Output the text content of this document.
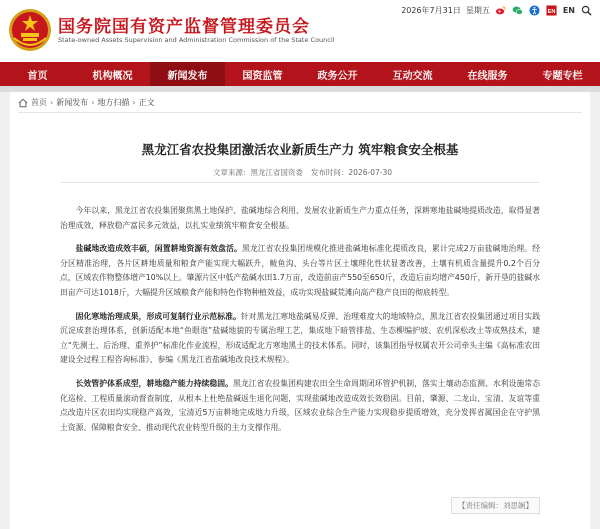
国务院国有资产监督管理委员会
State-owned Assets Supervision and Administration Commission of the State Council
2026年7月31日 星期五	EN EN
首页	机构概况	新闻发布	国资监管	政务公开	互动交流	在线服务	专题专栏
首页 › 新闻发布 › 地方扫描 › 正文
黑龙江省农投集团激活农业新质生产力 筑牢粮食安全根基
文章来源：黑龙江省国资委 发布时间：2026-07-30

今年以来，黑龙江省农投集团聚焦黑土地保护、盐碱地综合利用、发展农业新质生产力重点任务，深耕寒地盐碱地提质改造，取得显著治理成效，释放稳产富民多元效益，以扎实业绩筑牢粮食安全根基。

盐碱地改造成效丰硕，闲置耕地资源有效盘活。黑龙江省农投集团规模化推进盐碱地标准化提质改良，累计完成2万亩盐碱地治理。经分区精准治理，各片区耕地质量和粮食产能实现大幅跃升，鲅鱼沟、头台等片区土壤理化性状显著改善，土壤有机质含量提升0.2个百分点，区域农作物整体增产10%以上。肇源片区中低产盐碱水田1.7万亩，改造前亩产550至650斤，改造后亩均增产450斤，新开垦的盐碱水田亩产可达1018斤，大幅提升区域粮食产能和特色作物种植效益，成功实现盐碱荒滩向高产稳产良田的彻底转型。

固化寒地治理成果，形成可复制行业示范标准。针对黑龙江寒地盐碱易反弹、治理难度大的地域特点，黑龙江省农投集团通过项目实践沉淀成套治理体系，创新适配本地“鱼眼泡”盐碱地貌的专属治理工艺，集成地下暗管排盐、生态柳编护坡、农机深松改土等成熟技术，建立“先测土、后治理、重养护”标准化作业流程，形成适配北方寒地黑土的技术体系。同时，该集团指导权属农开公司牵头主编《高标准农田建设全过程工程咨询标准》、参编《黑龙江省盐碱地改良技术规程》。

长效管护体系成型，耕地稳产能力持续稳固。黑龙江省农投集团构建农田全生命周期闭环管护机制，落实土壤动态监测、水利设施常态化巡检、工程质量滚动督查制度，从根本上杜绝盐碱返生退化问题，实现盐碱地改造成效长效稳固。目前，肇源、二龙山、宝清、友谊等重点改造片区农田均实现稳产高效，宝清近5万亩耕地完成地力升级，区域农业综合生产能力实现稳步提质增效，充分发挥省属国企在守护黑土资源、保障粮食安全、推动现代农业转型升级的主力支撑作用。

【责任编辑：刘思娴】
